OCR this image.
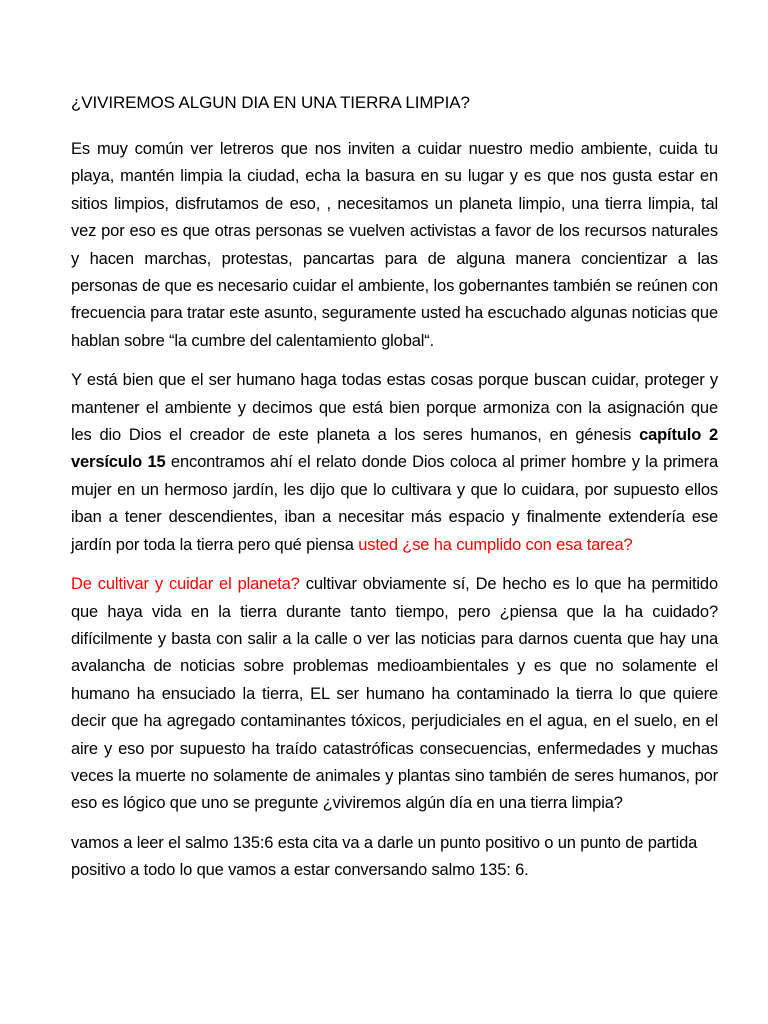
¿VIVIREMOS ALGUN DIA EN UNA TIERRA LIMPIA?

Es muy común ver letreros que nos inviten a cuidar nuestro medio ambiente, cuida tu playa, mantén limpia la ciudad, echa la basura en su lugar y es que nos gusta estar en sitios limpios, disfrutamos de eso, , necesitamos un planeta limpio, una tierra limpia, tal vez por eso es que otras personas se vuelven activistas a favor de los recursos naturales y hacen marchas, protestas, pancartas para de alguna manera concientizar a las personas de que es necesario cuidar el ambiente, los gobernantes también se reúnen con frecuencia para tratar este asunto, seguramente usted ha escuchado algunas noticias que hablan sobre “la cumbre del calentamiento global“.

Y está bien que el ser humano haga todas estas cosas porque buscan cuidar, proteger y mantener el ambiente y decimos que está bien porque armoniza con la asignación que les dio Dios el creador de este planeta a los seres humanos, en génesis capítulo 2 versículo 15 encontramos ahí el relato donde Dios coloca al primer hombre y la primera mujer en un hermoso jardín, les dijo que lo cultivara y que lo cuidara, por supuesto ellos iban a tener descendientes, iban a necesitar más espacio y finalmente extendería ese jardín por toda la tierra pero qué piensa usted ¿se ha cumplido con esa tarea?

De cultivar y cuidar el planeta? cultivar obviamente sí, De hecho es lo que ha permitido que haya vida en la tierra durante tanto tiempo, pero ¿piensa que la ha cuidado? difícilmente y basta con salir a la calle o ver las noticias para darnos cuenta que hay una avalancha de noticias sobre problemas medioambientales y es que no solamente el humano ha ensuciado la tierra, EL ser humano ha contaminado la tierra lo que quiere decir que ha agregado contaminantes tóxicos, perjudiciales en el agua, en el suelo, en el aire y eso por supuesto ha traído catastróficas consecuencias, enfermedades y muchas veces la muerte no solamente de animales y plantas sino también de seres humanos, por eso es lógico que uno se pregunte ¿viviremos algún día en una tierra limpia?

vamos a leer el salmo 135:6 esta cita va a darle un punto positivo o un punto de partida positivo a todo lo que vamos a estar conversando salmo 135: 6.
